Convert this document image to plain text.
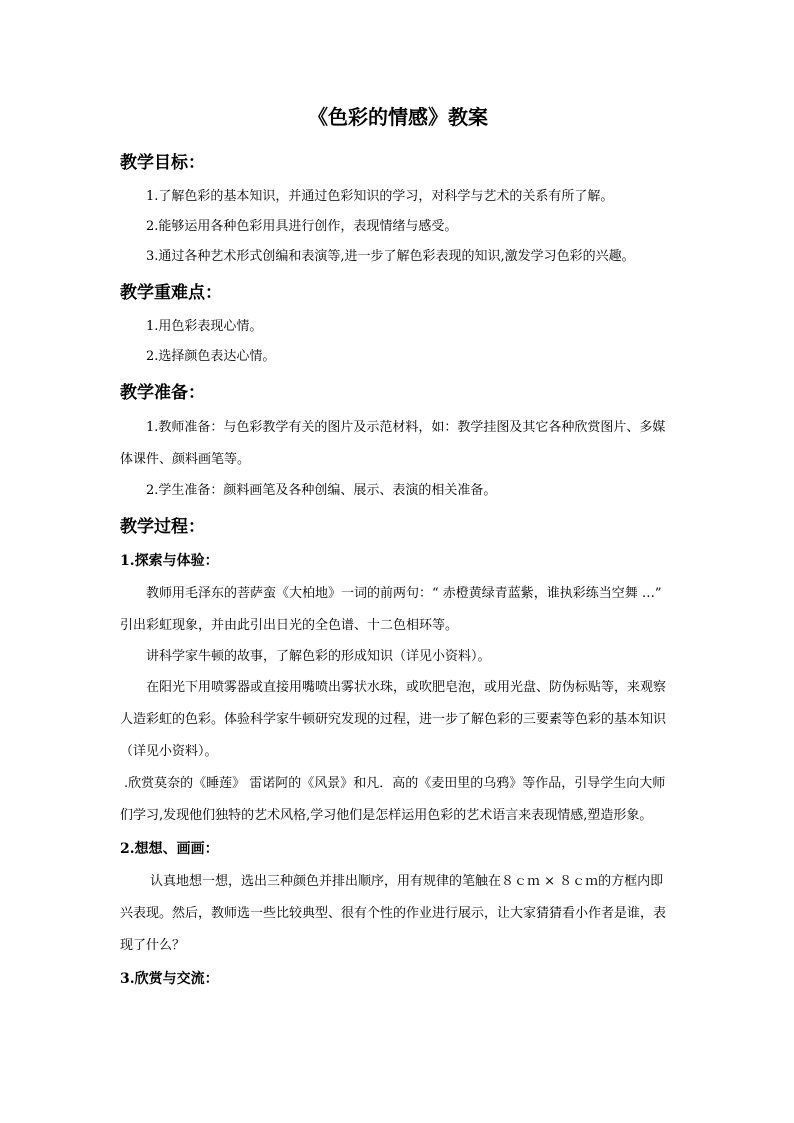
《色彩的情感》教案
教学目标：

1.了解色彩的基本知识，并通过色彩知识的学习，对科学与艺术的关系有所了解。

2.能够运用各种色彩用具进行创作，表现情绪与感受。

3.通过各种艺术形式创编和表演等,进一步了解色彩表现的知识,激发学习色彩的兴趣。

教学重难点：

1.用色彩表现心情。

2.选择颜色表达心情。

教学准备：

1.教师准备：与色彩教学有关的图片及示范材料，如：教学挂图及其它各种欣赏图片、多媒体课件、颜料画笔等。

2.学生准备：颜料画笔及各种创编、展示、表演的相关准备。

教学过程：
1.探索与体验：

教师用毛泽东的菩萨蛮《大柏地》一词的前两句：“ 赤橙黄绿青蓝紫，谁执彩练当空舞 …” 引出彩虹现象，并由此引出日光的全色谱、十二色相环等。

讲科学家牛顿的故事，了解色彩的形成知识（详见小资料）。

在阳光下用喷雾器或直接用嘴喷出雾状水珠，或吹肥皂泡，或用光盘、防伪标贴等，来观察人造彩虹的色彩。体验科学家牛顿研究发现的过程，进一步了解色彩的三要素等色彩的基本知识（详见小资料）。

.欣赏莫奈的《睡莲》 雷诺阿的《风景》和凡．高的《麦田里的乌鸦》等作品，引导学生向大师们学习,发现他们独特的艺术风格,学习他们是怎样运用色彩的艺术语言来表现情感,塑造形象。

2.想想、画画：

认真地想一想，选出三种颜色并排出顺序，用有规律的笔触在８ｃｍ × ８ｃｍ的方框内即兴表现。然后，教师选一些比较典型、很有个性的作业进行展示，让大家猜猜看小作者是谁，表现了什么？

3.欣赏与交流：
